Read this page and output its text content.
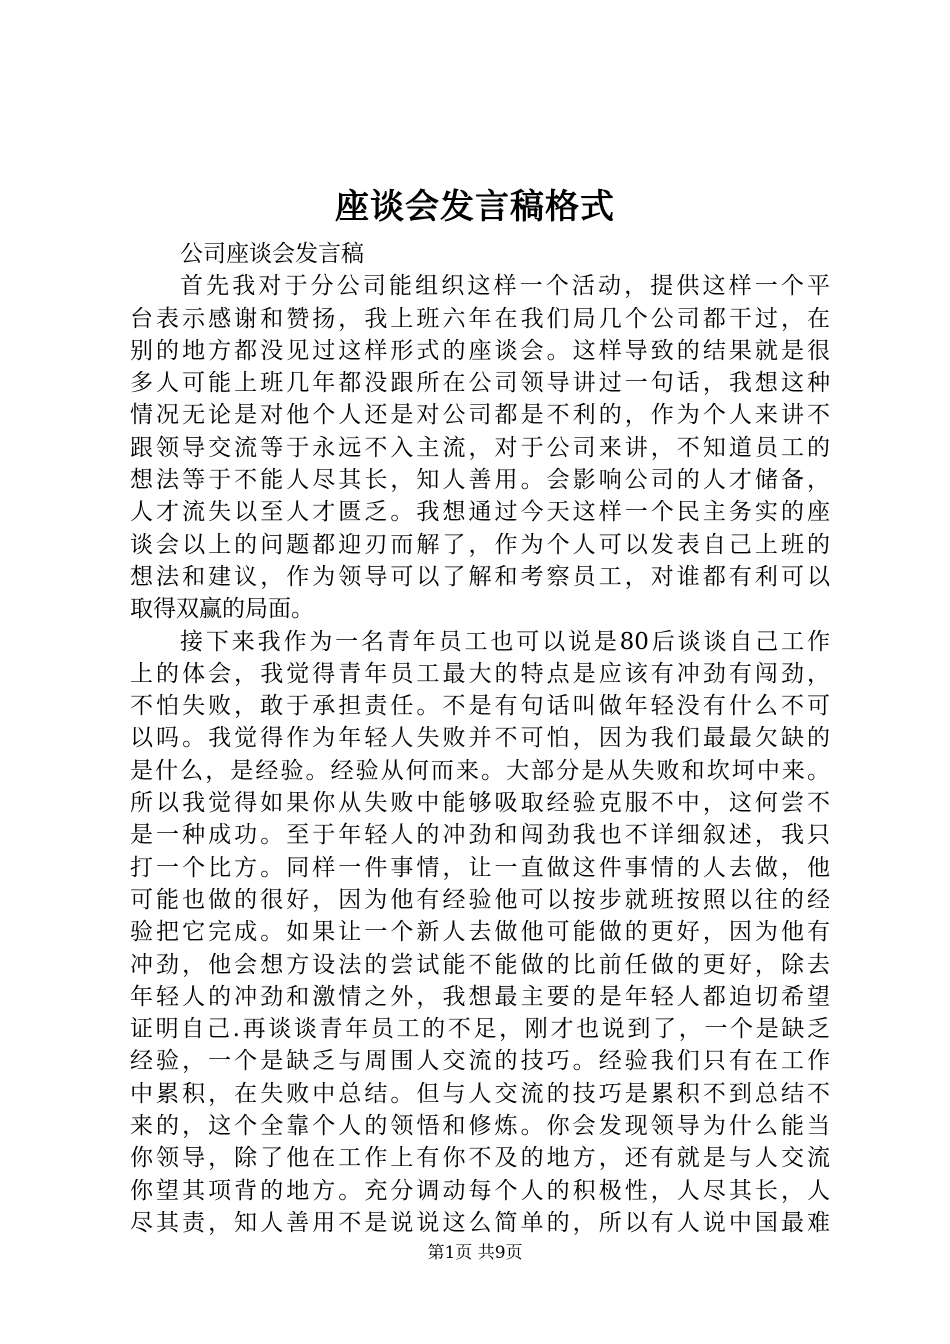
座谈会发言稿格式
公司座谈会发言稿
首先我对于分公司能组织这样一个活动，提供这样一个平
台表示感谢和赞扬，我上班六年在我们局几个公司都干过，在
别的地方都没见过这样形式的座谈会。这样导致的结果就是很
多人可能上班几年都没跟所在公司领导讲过一句话，我想这种
情况无论是对他个人还是对公司都是不利的，作为个人来讲不
跟领导交流等于永远不入主流，对于公司来讲，不知道员工的
想法等于不能人尽其长，知人善用。会影响公司的人才储备，
人才流失以至人才匮乏。我想通过今天这样一个民主务实的座
谈会以上的问题都迎刃而解了，作为个人可以发表自己上班的
想法和建议，作为领导可以了解和考察员工，对谁都有利可以
取得双赢的局面。
接下来我作为一名青年员工也可以说是80后谈谈自己工作
上的体会，我觉得青年员工最大的特点是应该有冲劲有闯劲，
不怕失败，敢于承担责任。不是有句话叫做年轻没有什么不可
以吗。我觉得作为年轻人失败并不可怕，因为我们最最欠缺的
是什么，是经验。经验从何而来。大部分是从失败和坎坷中来。
所以我觉得如果你从失败中能够吸取经验克服不中，这何尝不
是一种成功。至于年轻人的冲劲和闯劲我也不详细叙述，我只
打一个比方。同样一件事情，让一直做这件事情的人去做，他
可能也做的很好，因为他有经验他可以按步就班按照以往的经
验把它完成。如果让一个新人去做他可能做的更好，因为他有
冲劲，他会想方设法的尝试能不能做的比前任做的更好，除去
年轻人的冲劲和激情之外，我想最主要的是年轻人都迫切希望
证明自己.再谈谈青年员工的不足，刚才也说到了，一个是缺乏
经验，一个是缺乏与周围人交流的技巧。经验我们只有在工作
中累积，在失败中总结。但与人交流的技巧是累积不到总结不
来的，这个全靠个人的领悟和修炼。你会发现领导为什么能当
你领导，除了他在工作上有你不及的地方，还有就是与人交流
你望其项背的地方。充分调动每个人的积极性，人尽其长，人
尽其责，知人善用不是说说这么简单的，所以有人说中国最难
第1页 共9页
